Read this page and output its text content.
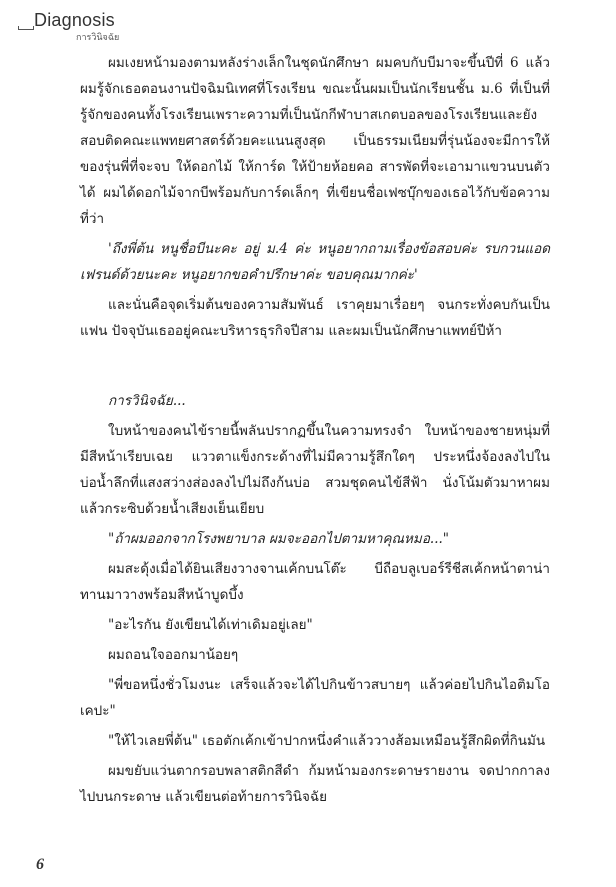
Diagnosis
การวินิจฉัย

ผมเงยหน้ามองตามหลังร่างเล็กในชุดนักศึกษา ผมคบกับบีมาจะขึ้นปีที่ 6 แล้ว ผมรู้จักเธอตอนงานปัจฉิมนิเทศที่โรงเรียน ขณะนั้นผมเป็นนักเรียนชั้น ม.6 ที่เป็นที่รู้จักของคนทั้งโรงเรียนเพราะความที่เป็นนักกีฬาบาสเกตบอลของโรงเรียนและยังสอบติดคณะแพทยศาสตร์ด้วยคะแนนสูงสุด เป็นธรรมเนียมที่รุ่นน้องจะมีการให้ของรุ่นพี่ที่จะจบ ให้ดอกไม้ ให้การ์ด ให้ป้ายห้อยคอ สารพัดที่จะเอามาแขวนบนตัวได้ ผมได้ดอกไม้จากบีพร้อมกับการ์ดเล็กๆ ที่เขียนชื่อเฟซบุ๊กของเธอไว้กับข้อความที่ว่า

'ถึงพี่ต้น หนูชื่อบีนะคะ อยู่ ม.4 ค่ะ หนูอยากถามเรื่องข้อสอบค่ะ รบกวนแอดเฟรนด์ด้วยนะคะ หนูอยากขอคำปรึกษาค่ะ ขอบคุณมากค่ะ'

และนั่นคือจุดเริ่มต้นของความสัมพันธ์ เราคุยมาเรื่อยๆ จนกระทั่งคบกันเป็นแฟน ปัจจุบันเธออยู่คณะบริหารธุรกิจปีสาม และผมเป็นนักศึกษาแพทย์ปีห้า

การวินิจฉัย...

ใบหน้าของคนไข้รายนี้พลันปรากฏขึ้นในความทรงจำ ใบหน้าของชายหนุ่มที่มีสีหน้าเรียบเฉย แววตาแข็งกระด้างที่ไม่มีความรู้สึกใดๆ ประหนึ่งจ้องลงไปในบ่อน้ำลึกที่แสงสว่างส่องลงไปไม่ถึงก้นบ่อ สวมชุดคนไข้สีฟ้า นั่งโน้มตัวมาหาผมแล้วกระซิบด้วยน้ำเสียงเย็นเยียบ

"ถ้าผมออกจากโรงพยาบาล ผมจะออกไปตามหาคุณหมอ..."

ผมสะดุ้งเมื่อได้ยินเสียงวางจานเค้กบนโต๊ะ บีถือบลูเบอร์รีชีสเค้กหน้าตาน่าทานมาวางพร้อมสีหน้าบูดบึ้ง

"อะไรกัน ยังเขียนได้เท่าเดิมอยู่เลย"

ผมถอนใจออกมาน้อยๆ

"พี่ขอหนึ่งชั่วโมงนะ เสร็จแล้วจะได้ไปกินข้าวสบายๆ แล้วค่อยไปกินไอติมโอเคปะ"

"ให้ไวเลยพี่ต้น" เธอตักเค้กเข้าปากหนึ่งคำแล้ววางส้อมเหมือนรู้สึกผิดที่กินมัน

ผมขยับแว่นตากรอบพลาสติกสีดำ ก้มหน้ามองกระดาษรายงาน จดปากกาลงไปบนกระดาษ แล้วเขียนต่อท้ายการวินิจฉัย

6
